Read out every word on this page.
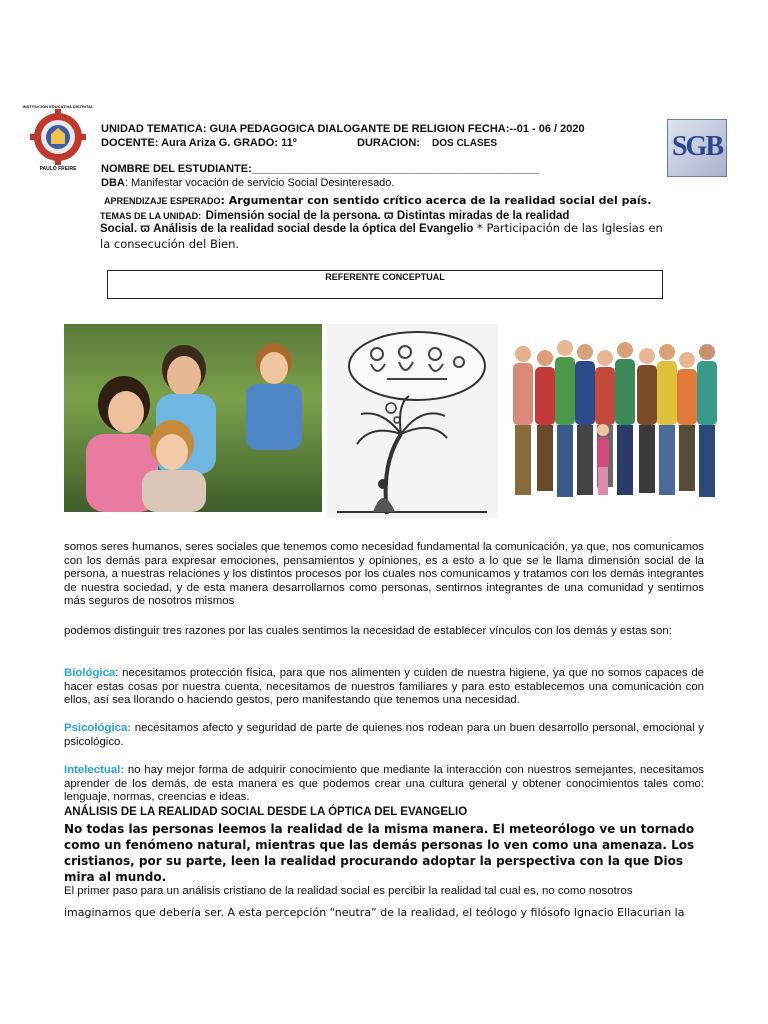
INSTITUCION EDUCATIVA DISTRITAL
PAULO FREIRE
SGB
UNIDAD TEMATICA: GUIA PEDAGOGICA DIALOGANTE DE RELIGION FECHA:--01 - 06 / 2020
DOCENTE: Aura Ariza G. GRADO: 11º	DURACION: DOS CLASES
NOMBRE DEL ESTUDIANTE:_______________________________________________
DBA: Manifestar vocación de servicio Social Desinteresado.
APRENDIZAJE ESPERADO: Argumentar con sentido crítico acerca de la realidad social del país.
TEMAS DE LA UNIDAD: Dimensión social de la persona. ϖ Distintas miradas de la realidad
Social. ϖ Análisis de la realidad social desde la óptica del Evangelio * Participación de las Iglesias en
la consecución del Bien.
REFERENTE CONCEPTUAL

somos seres humanos, seres sociales que tenemos como necesidad fundamental la comunicación, ya que, nos comunicamos con los demás para expresar emociones, pensamientos y opiniones, es a esto a lo que se le llama dimensión social de la persona, a nuestras relaciones y los distintos procesos por los cuales nos comunicamos y tratamos con los demás integrantes de nuestra sociedad, y de esta manera desarrollarnos como personas, sentirnos integrantes de una comunidad y sentirnos más seguros de nosotros mismos

podemos distinguir tres razones por las cuales sentimos la necesidad de establecer vínculos con los demás y estas son:

Biológica: necesitamos protección física, para que nos alimenten y cuiden de nuestra higiene, ya que no somos capaces de hacer estas cosas por nuestra cuenta, necesitamos de nuestros familiares y para esto establecemos una comunicación con ellos, así sea llorando o haciendo gestos, pero manifestando que tenemos una necesidad.

Psicológica: necesitamos afecto y seguridad de parte de quienes nos rodean para un buen desarrollo personal, emocional y psicológico.

Intelectual: no hay mejor forma de adquirir conocimiento que mediante la interacción con nuestros semejantes, necesitamos aprender de los demás, de esta manera es que podemos crear una cultura general y obtener conocimientos tales como: lenguaje, normas, creencias e ideas.

ANÁLISIS DE LA REALIDAD SOCIAL DESDE LA ÓPTICA DEL EVANGELIO

No todas las personas leemos la realidad de la misma manera. El meteorólogo ve un tornado como un fenómeno natural, mientras que las demás personas lo ven como una amenaza. Los cristianos, por su parte, leen la realidad procurando adoptar la perspectiva con la que Dios mira al mundo.

El primer paso para un análisis cristiano de la realidad social es percibir la realidad tal cual es, no como nosotros
imaginamos que debería ser. A esta percepción “neutra” de la realidad, el teólogo y filósofo Ignacio Ellacurian la
